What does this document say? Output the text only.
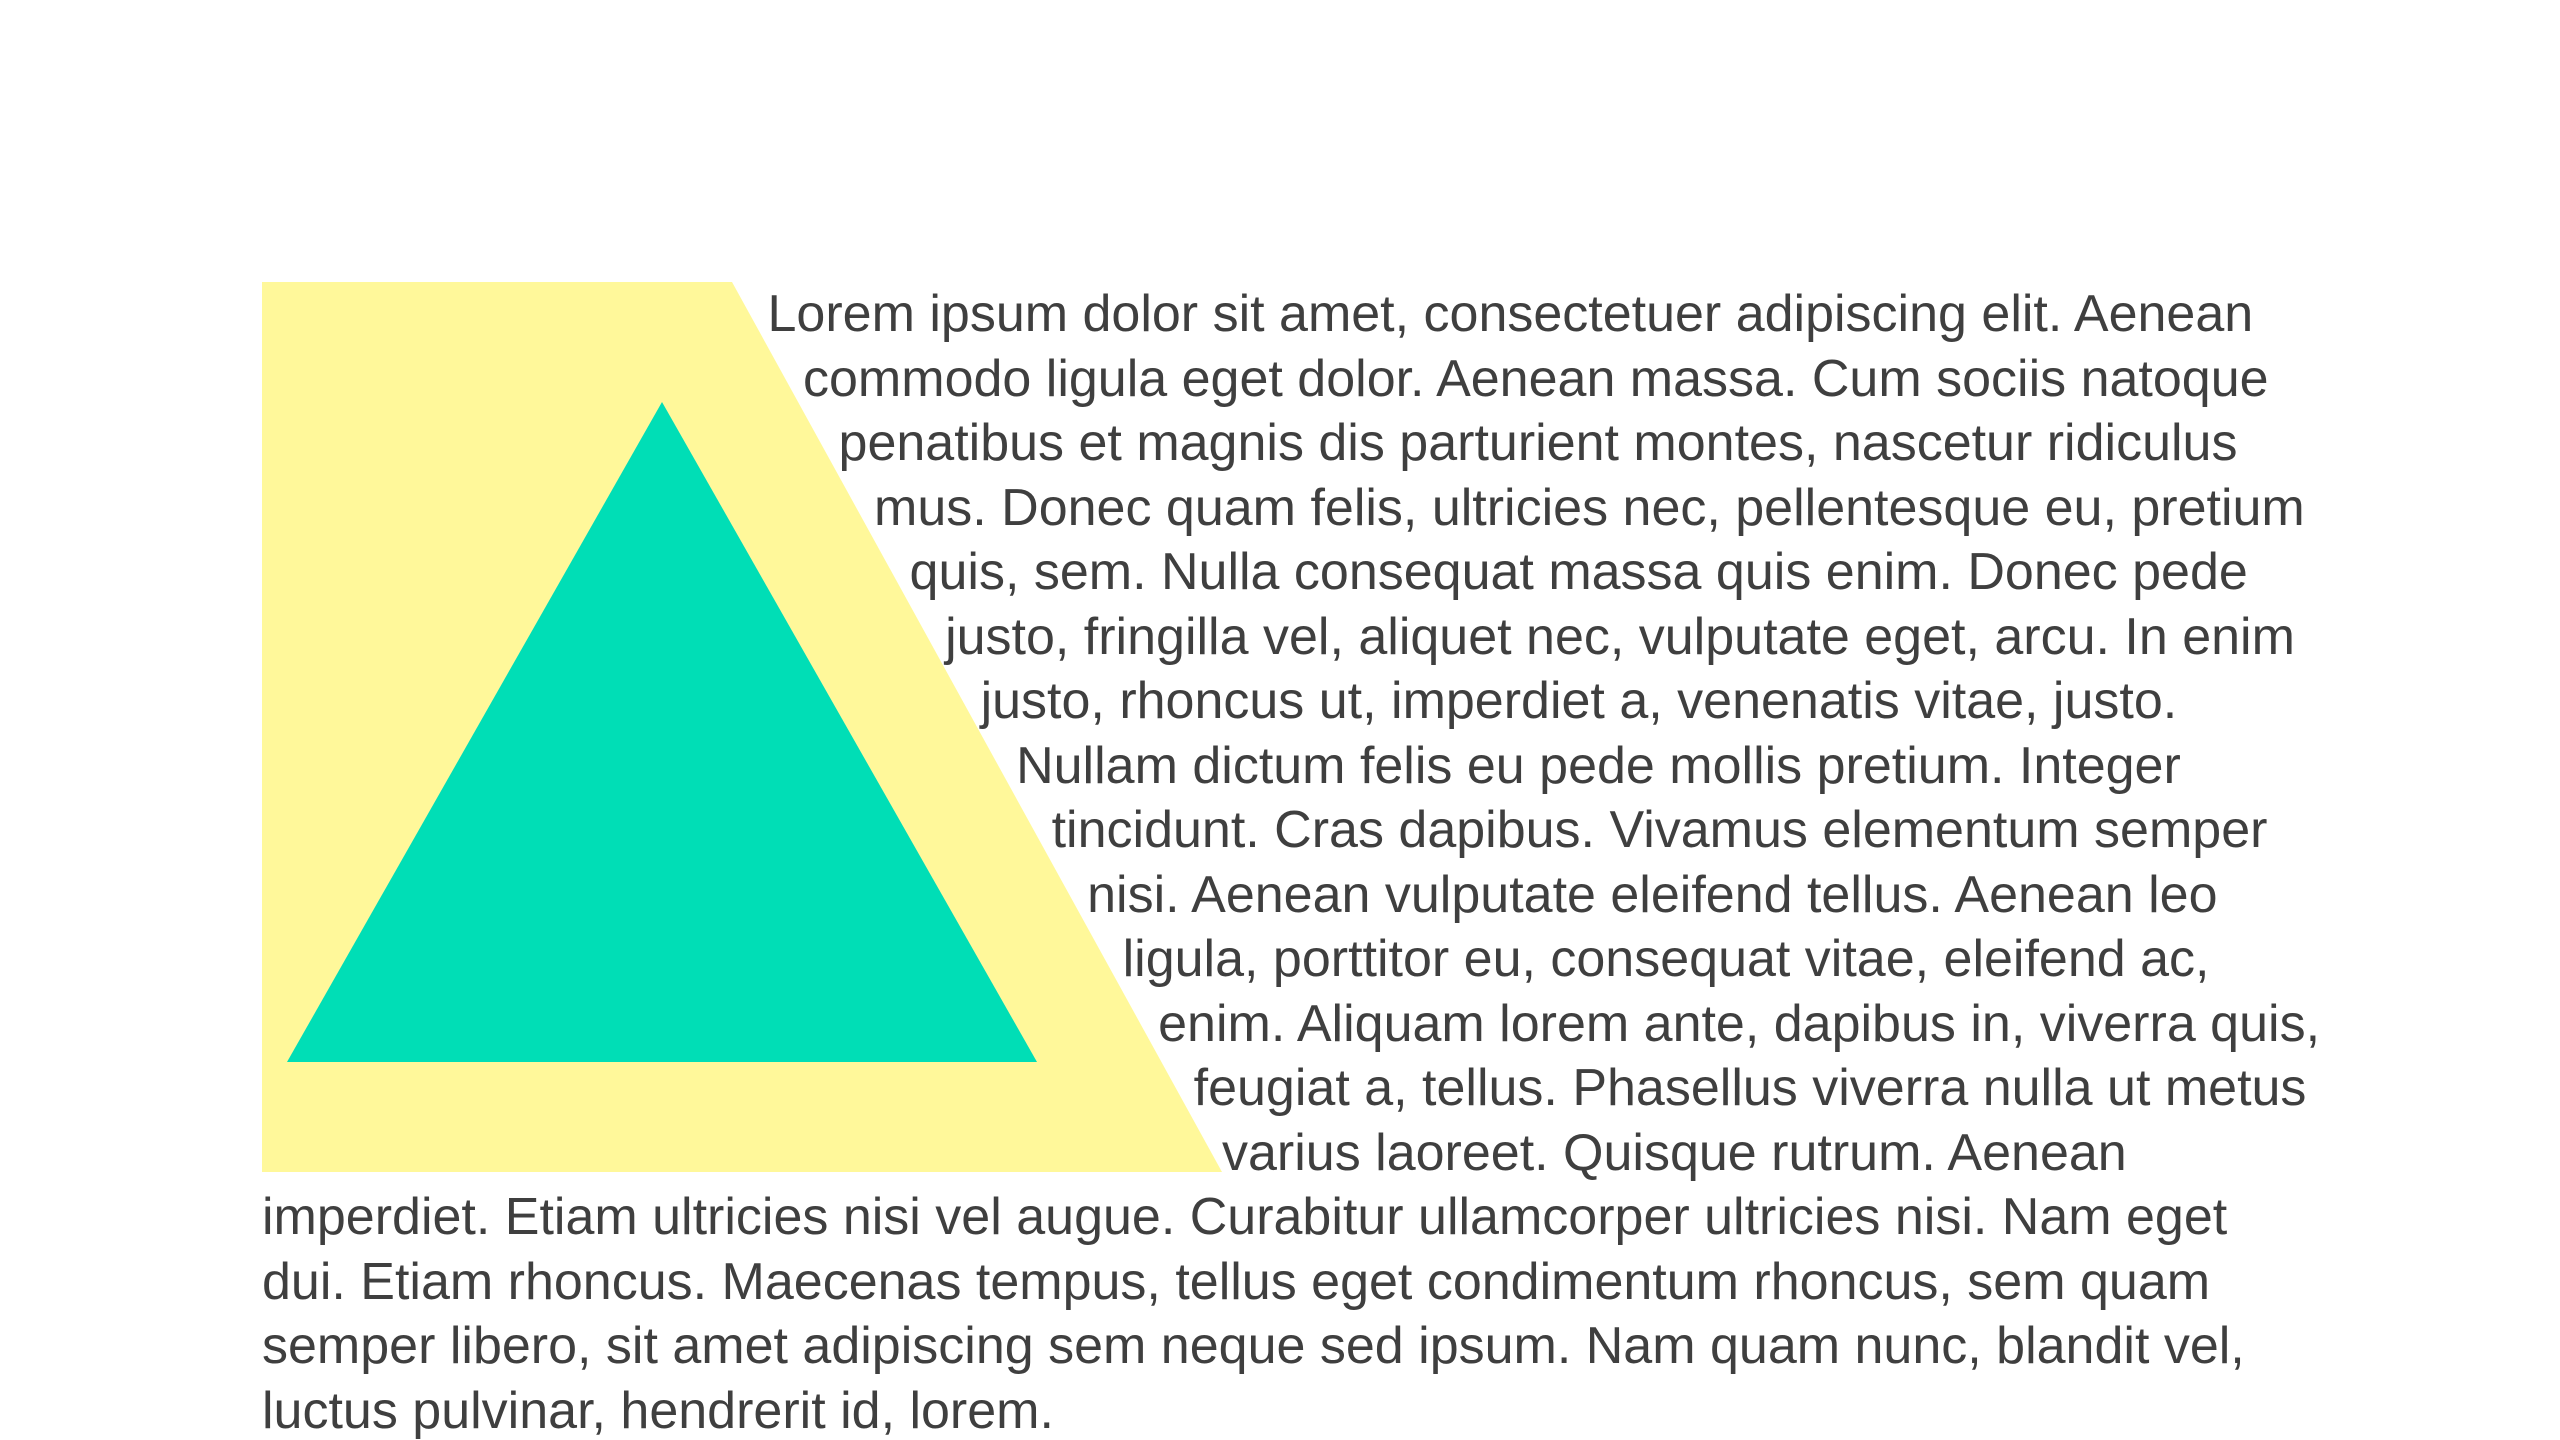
Lorem ipsum dolor sit amet, consectetuer adipiscing elit. Aenean commodo ligula eget dolor. Aenean massa. Cum sociis natoque penatibus et magnis dis parturient montes, nascetur ridiculus mus. Donec quam felis, ultricies nec, pellentesque eu, pretium quis, sem. Nulla consequat massa quis enim. Donec pede justo, fringilla vel, aliquet nec, vulputate eget, arcu. In enim justo, rhoncus ut, imperdiet a, venenatis vitae, justo. Nullam dictum felis eu pede mollis pretium. Integer tincidunt. Cras dapibus. Vivamus elementum semper nisi. Aenean vulputate eleifend tellus. Aenean leo ligula, porttitor eu, consequat vitae, eleifend ac, enim. Aliquam lorem ante, dapibus in, viverra quis, feugiat a, tellus. Phasellus viverra nulla ut metus varius laoreet. Quisque rutrum. Aenean imperdiet. Etiam ultricies nisi vel augue. Curabitur ullamcorper ultricies nisi. Nam eget dui. Etiam rhoncus. Maecenas tempus, tellus eget condimentum rhoncus, sem quam semper libero, sit amet adipiscing sem neque sed ipsum. Nam quam nunc, blandit vel, luctus pulvinar, hendrerit id, lorem.
